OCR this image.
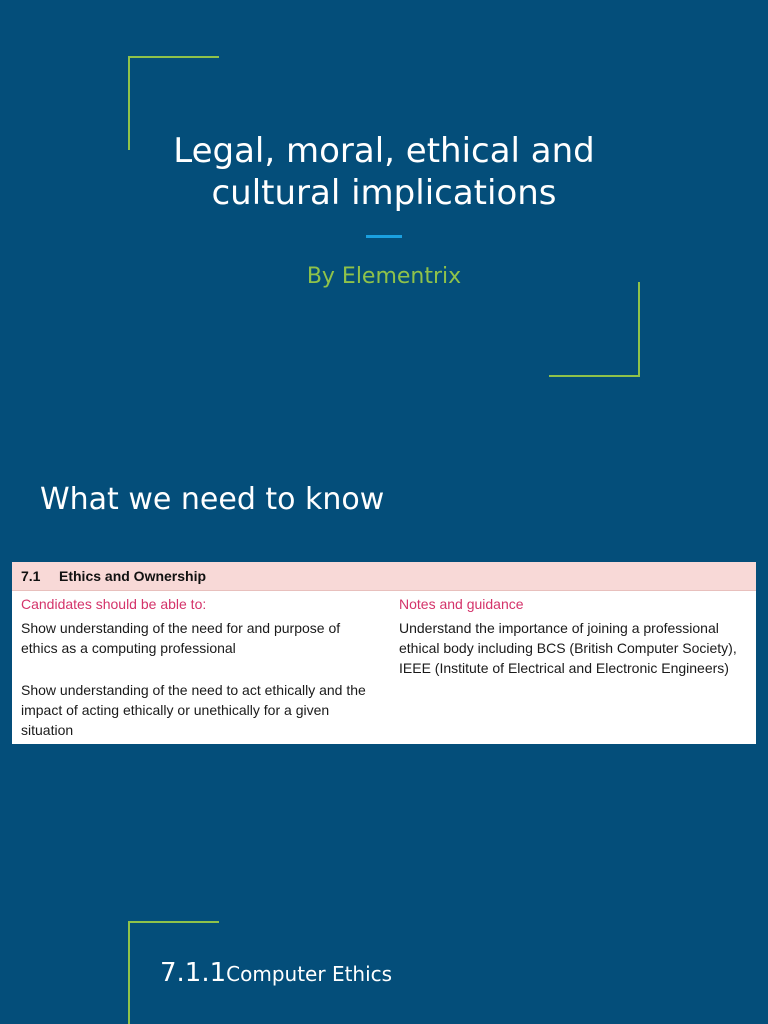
Legal, moral, ethical and
cultural implications
By Elementrix
What we need to know
7.1 Ethics and Ownership
Candidates should be able to:

Show understanding of the need for and purpose of ethics as a computing professional

Show understanding of the need to act ethically and the impact of acting ethically or unethically for a given situation

Notes and guidance

Understand the importance of joining a professional ethical body including BCS (British Computer Society), IEEE (Institute of Electrical and Electronic Engineers)

7.1.1Computer Ethics
